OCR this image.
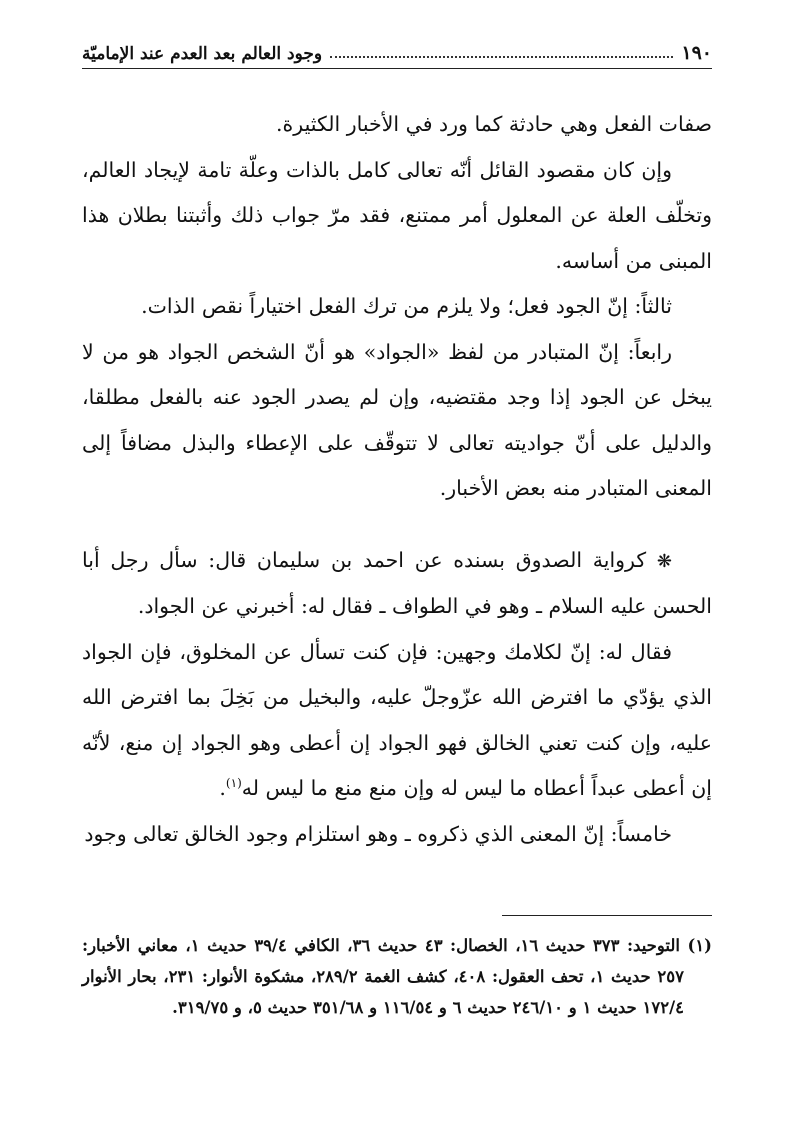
١٩٠
وجود العالم بعد العدم عند الإماميّة

صفات الفعل وهي حادثة كما ورد في الأخبار الكثيرة.

وإن كان مقصود القائل أنّه تعالى كامل بالذات وعلّة تامة لإيجاد العالم، وتخلّف العلة عن المعلول أمر ممتنع، فقد مرّ جواب ذلك وأثبتنا بطلان هذا المبنى من أساسه.

ثالثاً: إنّ الجود فعل؛ ولا يلزم من ترك الفعل اختياراً نقص الذات.

رابعاً: إنّ المتبادر من لفظ «الجواد» هو أنّ الشخص الجواد هو من لا يبخل عن الجود إذا وجد مقتضيه، وإن لم يصدر الجود عنه بالفعل مطلقا، والدليل على أنّ جواديته تعالى لا تتوقّف على الإعطاء والبذل مضافاً إلى المعنى المتبادر منه بعض الأخبار.

❋ كرواية الصدوق بسنده عن احمد بن سليمان قال: سأل رجل أبا الحسن عليه السلام ـ وهو في الطواف ـ فقال له: أخبرني عن الجواد.

فقال له: إنّ لكلامك وجهين: فإن كنت تسأل عن المخلوق، فإن الجواد الذي يؤدّي ما افترض الله عزّوجلّ عليه، والبخيل من بَخِلَ بما افترض الله عليه، وإن كنت تعني الخالق فهو الجواد إن أعطى وهو الجواد إن منع، لأنّه إن أعطى عبداً أعطاه ما ليس له وإن منع منع ما ليس له$^{(١)}$.

خامساً: إنّ المعنى الذي ذكروه ـ وهو استلزام وجود الخالق تعالى وجود

(١) التوحيد: ٣٧٣ حديث ١٦، الخصال: ٤٣ حديث ٣٦، الكافي ٣٩/٤ حديث ١، معاني الأخبار: ٢٥٧ حديث ١، تحف العقول: ٤٠٨، كشف الغمة ٢٨٩/٢، مشكوة الأنوار: ٢٣١، بحار الأنوار ١٧٢/٤ حديث ١ و ٢٤٦/١٠ حديث ٦ و ١١٦/٥٤ و ٣٥١/٦٨ حديث ٥، و ٣١٩/٧٥.
